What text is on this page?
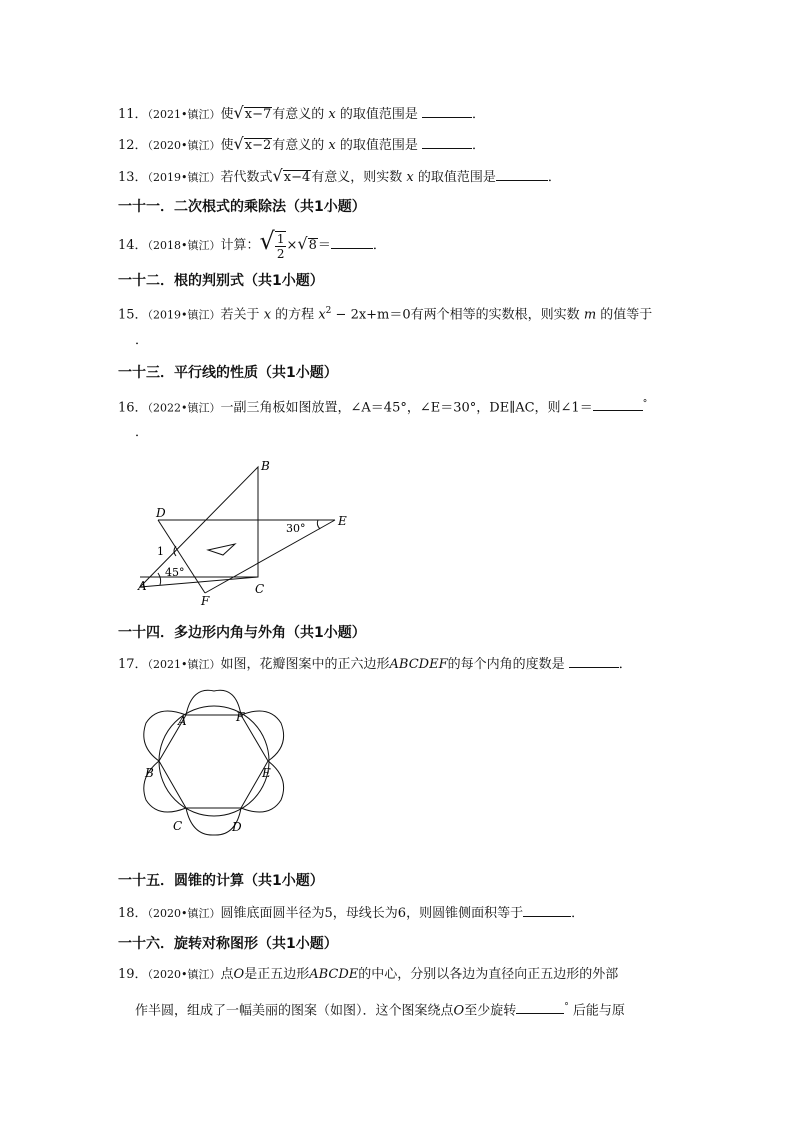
11．（2021•镇江）使√x−7有意义的 x 的取值范围是	．
12．（2020•镇江）使√x−2有意义的 x 的取值范围是	．
13．（2019•镇江）若代数式√x−4有意义，则实数 x 的取值范围是	．
一十一．二次根式的乘除法（共1小题）
14．（2018•镇江）计算：√ $\frac{1}{2} \times√8=$	．
一十二．根的判别式（共1小题）
15．（2019•镇江）若关于 x 的方程 $x^2 - 2x+m=0$有两个相等的实数根，则实数 m 的值等于
．
一十三．平行线的性质（共1小题）
16．（2022•镇江）一副三角板如图放置，∠A＝45°，∠E＝30°，DE∥AC，则∠1＝	°
．
B
D
E
A
F
C
1
45°
30°
一十四．多边形内角与外角（共1小题）
17．（2021•镇江）如图，花瓣图案中的正六边形ABCDEF的每个内角的度数是	．
A	F
B	E
C	D
一十五．圆锥的计算（共1小题）
18．（2020•镇江）圆锥底面圆半径为5，母线长为6，则圆锥侧面积等于	．
一十六．旋转对称图形（共1小题）
19．（2020•镇江）点O是正五边形ABCDE的中心，分别以各边为直径向正五边形的外部
作半圆，组成了一幅美丽的图案（如图）．这个图案绕点O至少旋转	° 后能与原
